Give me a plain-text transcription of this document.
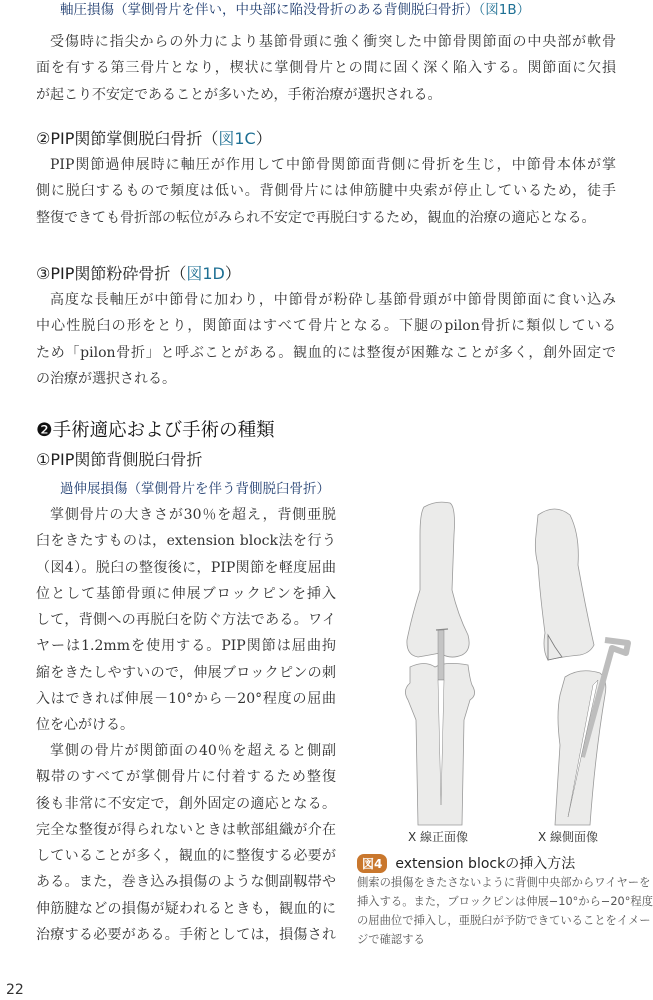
軸圧損傷（掌側骨片を伴い，中央部に陥没骨折のある背側脱臼骨折）（図1B）
受傷時に指尖からの外力により基節骨頭に強く衝突した中節骨関節面の中央部が軟骨
面を有する第三骨片となり，楔状に掌側骨片との間に固く深く陥入する。関節面に欠損
が起こり不安定であることが多いため，手術治療が選択される。
②PIP関節掌側脱臼骨折（図1C）
PIP関節過伸展時に軸圧が作用して中節骨関節面背側に骨折を生じ，中節骨本体が掌
側に脱臼するもので頻度は低い。背側骨片には伸筋腱中央索が停止しているため，徒手
整復できても骨折部の転位がみられ不安定で再脱臼するため，観血的治療の適応となる。
③PIP関節粉砕骨折（図1D）
高度な長軸圧が中節骨に加わり，中節骨が粉砕し基節骨頭が中節骨関節面に食い込み
中心性脱臼の形をとり，関節面はすべて骨片となる。下腿のpilon骨折に類似している
ため「pilon骨折」と呼ぶことがある。観血的には整復が困難なことが多く，創外固定で
の治療が選択される。
❷手術適応および手術の種類
①PIP関節背側脱臼骨折
過伸展損傷（掌側骨片を伴う背側脱臼骨折）
掌側骨片の大きさが30％を超え，背側亜脱
臼をきたすものは，extension block法を行う
（図4）。脱臼の整復後に，PIP関節を軽度屈曲
位として基節骨頭に伸展ブロックピンを挿入
して，背側への再脱臼を防ぐ方法である。ワイ
ヤーは1.2mmを使用する。PIP関節は屈曲拘
縮をきたしやすいので，伸展ブロックピンの刺
入はできれば伸展－10°から－20°程度の屈曲
位を心がける。
掌側の骨片が関節面の40％を超えると側副
靱帯のすべてが掌側骨片に付着するため整復
後も非常に不安定で，創外固定の適応となる。
完全な整復が得られないときは軟部組織が介在
していることが多く，観血的に整復する必要が
ある。また，巻き込み損傷のような側副靱帯や
伸筋腱などの損傷が疑われるときも，観血的に
治療する必要がある。手術としては，損傷され
X 線正面像	X 線側面像
図4 extension blockの挿入方法
側索の損傷をきたさないように背側中央部からワイヤーを
挿入する。また，ブロックピンは伸展−10°から−20°程度
の屈曲位で挿入し，亜脱臼が予防できていることをイメー
ジで確認する
22
